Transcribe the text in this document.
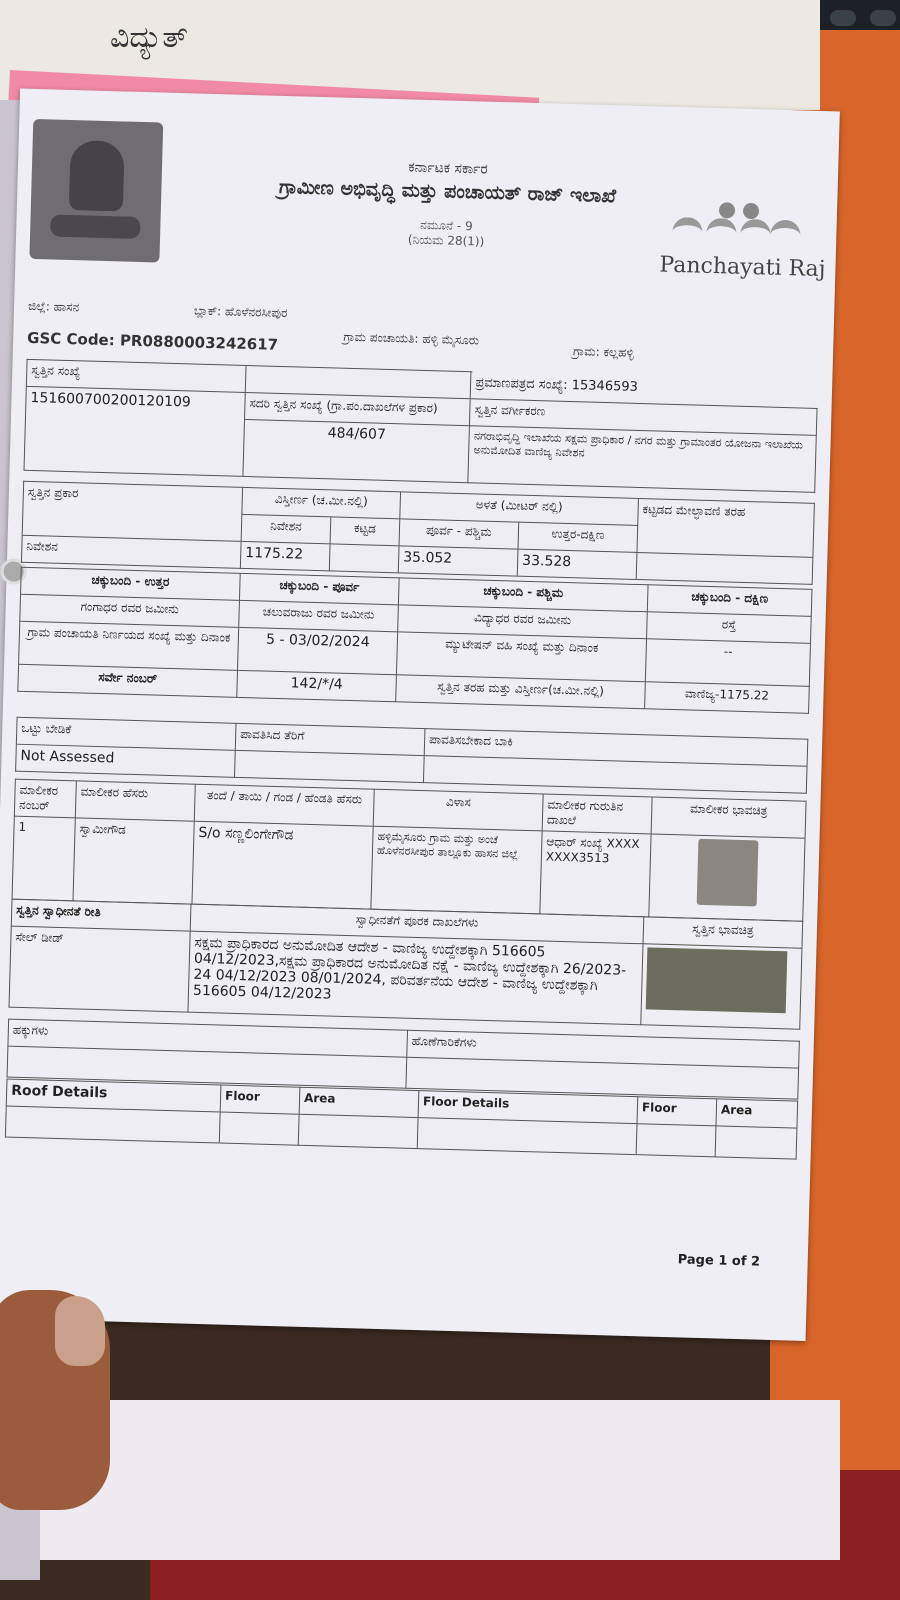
ವಿದ್ಯುತ್
ಕರ್ನಾಟಕ ಸರ್ಕಾರ
ಗ್ರಾಮೀಣ ಅಭಿವೃದ್ಧಿ ಮತ್ತು ಪಂಚಾಯತ್ ರಾಜ್ ಇಲಾಖೆ
ನಮೂನೆ - 9
(ನಿಯಮ 28(1))
Panchayati Raj
ಜಿಲ್ಲೆ: ಹಾಸನ	ಬ್ಲಾಕ್: ಹೊಳೆನರಸೀಪುರ
ಗ್ರಾಮ ಪಂಚಾಯತಿ: ಹಳ್ಳಿ ಮೈಸೂರು
ಗ್ರಾಮ: ಕಲ್ಲಹಳ್ಳಿ
GSC Code: PR0880003242617
ಸ್ವತ್ತಿನ ಸಂಖ್ಯೆ		ಪ್ರಮಾಣಪತ್ರದ ಸಂಖ್ಯೆ: 15346593
151600700200120109	ಸದರಿ ಸ್ವತ್ತಿನ ಸಂಖ್ಯೆ (ಗ್ರಾ.ಪಂ.ದಾಖಲೆಗಳ ಪ್ರಕಾರ)	ಸ್ವತ್ತಿನ ವರ್ಗೀಕರಣ
	484/607	ನಗರಾಭಿವೃದ್ಧಿ ಇಲಾಖೆಯ ಸಕ್ಷಮ ಪ್ರಾಧಿಕಾರ / ನಗರ ಮತ್ತು ಗ್ರಾಮಾಂತರ ಯೋಜನಾ ಇಲಾಖೆಯ ಅನುಮೋದಿತ ವಾಣಿಜ್ಯ ನಿವೇಶನ
ಸ್ವತ್ತಿನ ಪ್ರಕಾರ	ವಿಸ್ತೀರ್ಣ (ಚ.ಮೀ.ನಲ್ಲಿ)		ಅಳತೆ (ಮೀಟರ್ ನಲ್ಲಿ)		ಕಟ್ಟಡದ ಮೇಲ್ಛಾವಣಿ ತರಹ
	ನಿವೇಶನ	ಕಟ್ಟಡ	ಪೂರ್ವ - ಪಶ್ಚಿಮ	ಉತ್ತರ-ದಕ್ಷಿಣ	
ನಿವೇಶನ	1175.22		35.052	33.528	
ಚಕ್ಕುಬಂದಿ - ಉತ್ತರ	ಚಕ್ಕುಬಂದಿ - ಪೂರ್ವ	ಚಕ್ಕುಬಂದಿ - ಪಶ್ಚಿಮ	ಚಕ್ಕುಬಂದಿ - ದಕ್ಷಿಣ
ಗಂಗಾಧರ ರವರ ಜಮೀನು	ಚಲುವರಾಜು ರವರ ಜಮೀನು	ವಿದ್ಯಾಧರ ರವರ ಜಮೀನು	ರಸ್ತೆ
ಗ್ರಾಮ ಪಂಚಾಯತಿ ನಿರ್ಣಯದ ಸಂಖ್ಯೆ ಮತ್ತು ದಿನಾಂಕ	5 - 03/02/2024	ಮ್ಯುಟೇಷನ್ ವಹಿ ಸಂಖ್ಯೆ ಮತ್ತು ದಿನಾಂಕ	--
ಸರ್ವೇ ನಂಬರ್	142/*/4	ಸ್ವತ್ತಿನ ತರಹ ಮತ್ತು ವಿಸ್ತೀರ್ಣ(ಚ.ಮೀ.ನಲ್ಲಿ)	ವಾಣಿಜ್ಯ-1175.22
ಒಟ್ಟು ಬೇಡಿಕೆ	ಪಾವತಿಸಿದ ತೆರಿಗೆ	ಪಾವತಿಸಬೇಕಾದ ಬಾಕಿ
Not Assessed		
ಮಾಲೀಕರ ನಂಬರ್	ಮಾಲೀಕರ ಹೆಸರು	ತಂದೆ / ತಾಯಿ / ಗಂಡ / ಹೆಂಡತಿ ಹೆಸರು	ವಿಳಾಸ	ಮಾಲೀಕರ ಗುರುತಿನ ದಾಖಲೆ	ಮಾಲೀಕರ ಭಾವಚಿತ್ರ
1	ಸ್ವಾಮೀಗೌಡ	S/o ಸಣ್ಣಲಿಂಗೇಗೌಡ	ಹಳ್ಳಿಮೈಸೂರು ಗ್ರಾಮ ಮತ್ತು ಅಂಚೆ ಹೊಳೆನರಸೀಪುರ ತಾಲ್ಲೂಕು ಹಾಸನ ಜಿಲ್ಲೆ	ಆಧಾರ್ ಸಂಖ್ಯೆ XXXXXXXX3513	
ಸ್ವತ್ತಿನ ಸ್ವಾಧೀನತೆ ರೀತಿ	ಸ್ವಾಧೀನತೆಗೆ ಪೂರಕ ದಾಖಲೆಗಳು	ಸ್ವತ್ತಿನ ಭಾವಚಿತ್ರ
ಸೇಲ್ ಡೀಡ್	ಸಕ್ಷಮ ಪ್ರಾಧಿಕಾರದ ಅನುಮೋದಿತ ಆದೇಶ - ವಾಣಿಜ್ಯ ಉದ್ದೇಶಕ್ಕಾಗಿ 516605 04/12/2023,ಸಕ್ಷಮ ಪ್ರಾಧಿಕಾರದ ಅನುಮೋದಿತ ನಕ್ಷೆ - ವಾಣಿಜ್ಯ ಉದ್ದೇಶಕ್ಕಾಗಿ 26/2023-24 04/12/2023 08/01/2024, ಪರಿವರ್ತನೆಯ ಆದೇಶ - ವಾಣಿಜ್ಯ ಉದ್ದೇಶಕ್ಕಾಗಿ 516605 04/12/2023	
ಹಕ್ಕುಗಳು	ಹೊಣೆಗಾರಿಕೆಗಳು

Roof Details	Floor	Area	Floor Details	Floor	Area

Page 1 of 2
